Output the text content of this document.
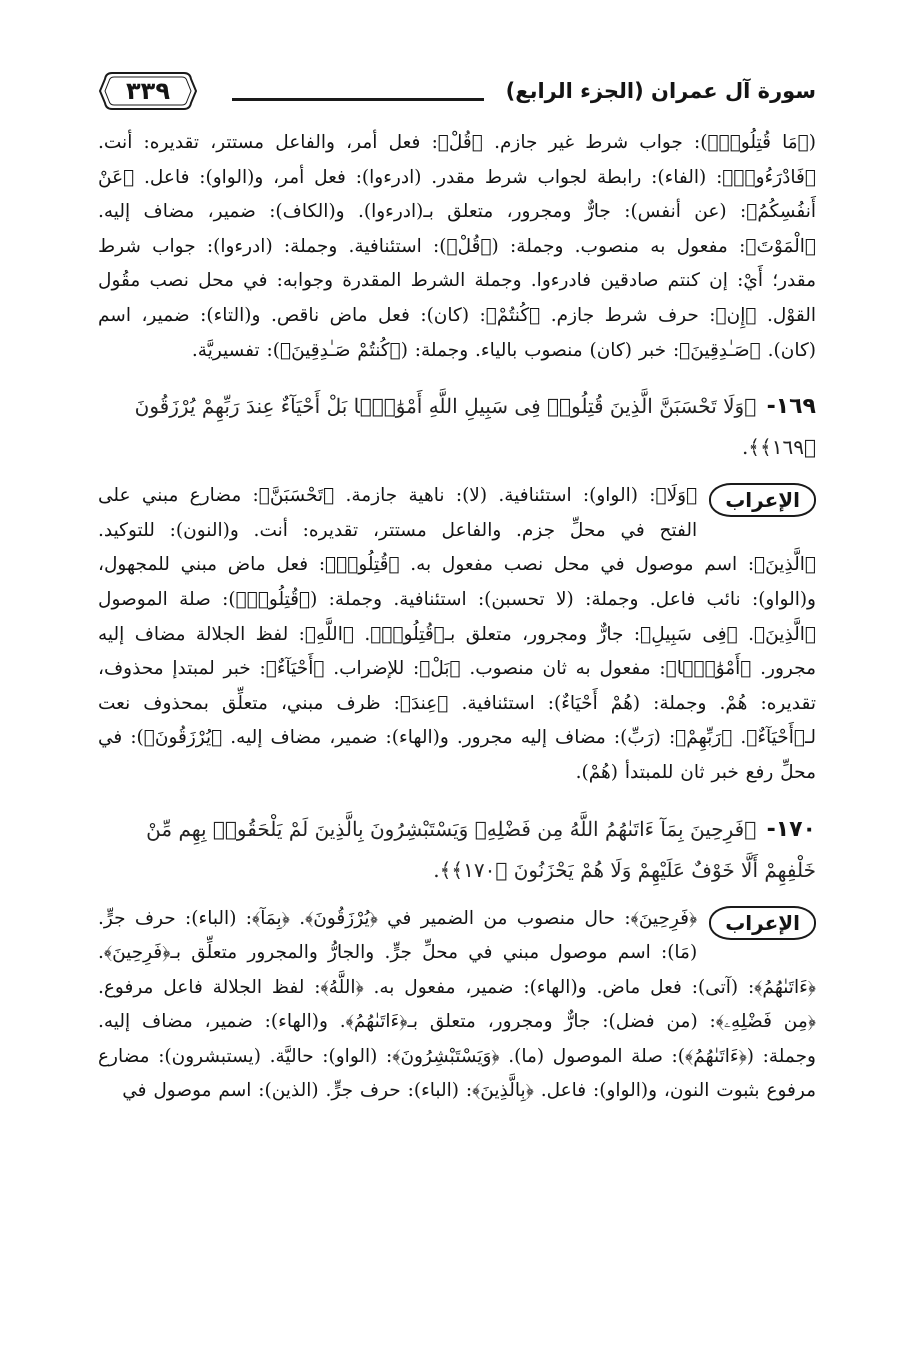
سورة آل عمران (الجزء الرابع)
٣٣٩
(﴿مَا قُتِلُوا۟﴾): جواب شرط غير جازم. ﴿قُلْ﴾: فعل أمر، والفاعل مستتر، تقديره: أنت. ﴿فَادْرَءُوا۟﴾: (الفاء): رابطة لجواب شرط مقدر. (ادرءوا): فعل أمر، و(الواو): فاعل. ﴿عَنْ أَنفُسِكُمُ﴾: (عن أنفس): جارٌّ ومجرور، متعلق بـ(ادرءوا). و(الكاف): ضمير، مضاف إليه. ﴿الْمَوْتَ﴾: مفعول به منصوب. وجملة: (﴿قُلْ﴾): استئنافية. وجملة: (ادرءوا): جواب شرط مقدر؛ أَيْ: إن كنتم صادقين فادرءوا. وجملة الشرط المقدرة وجوابه: في محل نصب مقُول القوْل. ﴿إِن﴾: حرف شرط جازم. ﴿كُنتُمْ﴾: (كان): فعل ماض ناقص. و(التاء): ضمير، اسم (كان). ﴿صَـٰدِقِينَ﴾: خبر (كان) منصوب بالياء. وجملة: (﴿كُنتُمْ صَـٰدِقِينَ﴾): تفسيريَّة.
١٦٩- ﴿وَلَا تَحْسَبَنَّ الَّذِينَ قُتِلُوا۟ فِى سَبِيلِ اللَّهِ أَمْوَٰتًۢا بَلْ أَحْيَآءٌ عِندَ رَبِّهِمْ يُرْزَقُونَ ﴿١٦٩﴾﴾.
الإعراب
﴿وَلَا﴾: (الواو): استئنافية. (لا): ناهية جازمة. ﴿تَحْسَبَنَّ﴾: مضارع مبني على الفتح في محلِّ جزم. والفاعل مستتر، تقديره: أنت. و(النون): للتوكيد. ﴿الَّذِينَ﴾: اسم موصول في محل نصب مفعول به. ﴿قُتِلُوا۟﴾: فعل ماض مبني للمجهول، و(الواو): نائب فاعل. وجملة: (لا تحسبن): استئنافية. وجملة: (﴿قُتِلُوا۟﴾): صلة الموصول ﴿الَّذِينَ﴾. ﴿فِى سَبِيلِ﴾: جارٌّ ومجرور، متعلق بـ﴿قُتِلُوا۟﴾. ﴿اللَّهِ﴾: لفظ الجلالة مضاف إليه مجرور. ﴿أَمْوَٰتًۢا﴾: مفعول به ثان منصوب. ﴿بَلْ﴾: للإضراب. ﴿أَحْيَآءٌ﴾: خبر لمبتدإ محذوف، تقديره: هُمْ. وجملة: (هُمْ أَحْيَاءٌ): استئنافية. ﴿عِندَ﴾: ظرف مبني، متعلِّق بمحذوف نعت لـ﴿أَحْيَآءٌ﴾. ﴿رَبِّهِمْ﴾: (رَبِّ): مضاف إليه مجرور. و(الهاء): ضمير، مضاف إليه. ﴿يُرْزَقُونَ﴾): في محلِّ رفع خبر ثان للمبتدأ (هُمْ).
١٧٠- ﴿فَرِحِينَ بِمَآ ءَاتَىٰهُمُ اللَّهُ مِن فَضْلِهِۦ وَيَسْتَبْشِرُونَ بِالَّذِينَ لَمْ يَلْحَقُوا۟ بِهِم مِّنْ خَلْفِهِمْ أَلَّا خَوْفٌ عَلَيْهِمْ وَلَا هُمْ يَحْزَنُونَ ﴿١٧٠﴾﴾.
الإعراب
﴿فَرِحِينَ﴾: حال منصوب من الضمير في ﴿يُرْزَقُونَ﴾. ﴿بِمَآ﴾: (الباء): حرف جرٍّ. (مَا): اسم موصول مبني في محلِّ جرٍّ. والجارُّ والمجرور متعلِّق بـ﴿فَرِحِينَ﴾. ﴿ءَاتَىٰهُمُ﴾: (آتى): فعل ماض. و(الهاء): ضمير، مفعول به. ﴿اللَّهُ﴾: لفظ الجلالة فاعل مرفوع. ﴿مِن فَضْلِهِۦ﴾: (من فضل): جارٌّ ومجرور، متعلق بـ﴿ءَاتَىٰهُمُ﴾. و(الهاء): ضمير، مضاف إليه. وجملة: (﴿ءَاتَىٰهُمُ﴾): صلة الموصول (ما). ﴿وَيَسْتَبْشِرُونَ﴾: (الواو): حاليَّة. (يستبشرون): مضارع مرفوع بثبوت النون، و(الواو): فاعل. ﴿بِالَّذِينَ﴾: (الباء): حرف جرٍّ. (الذين): اسم موصول في
